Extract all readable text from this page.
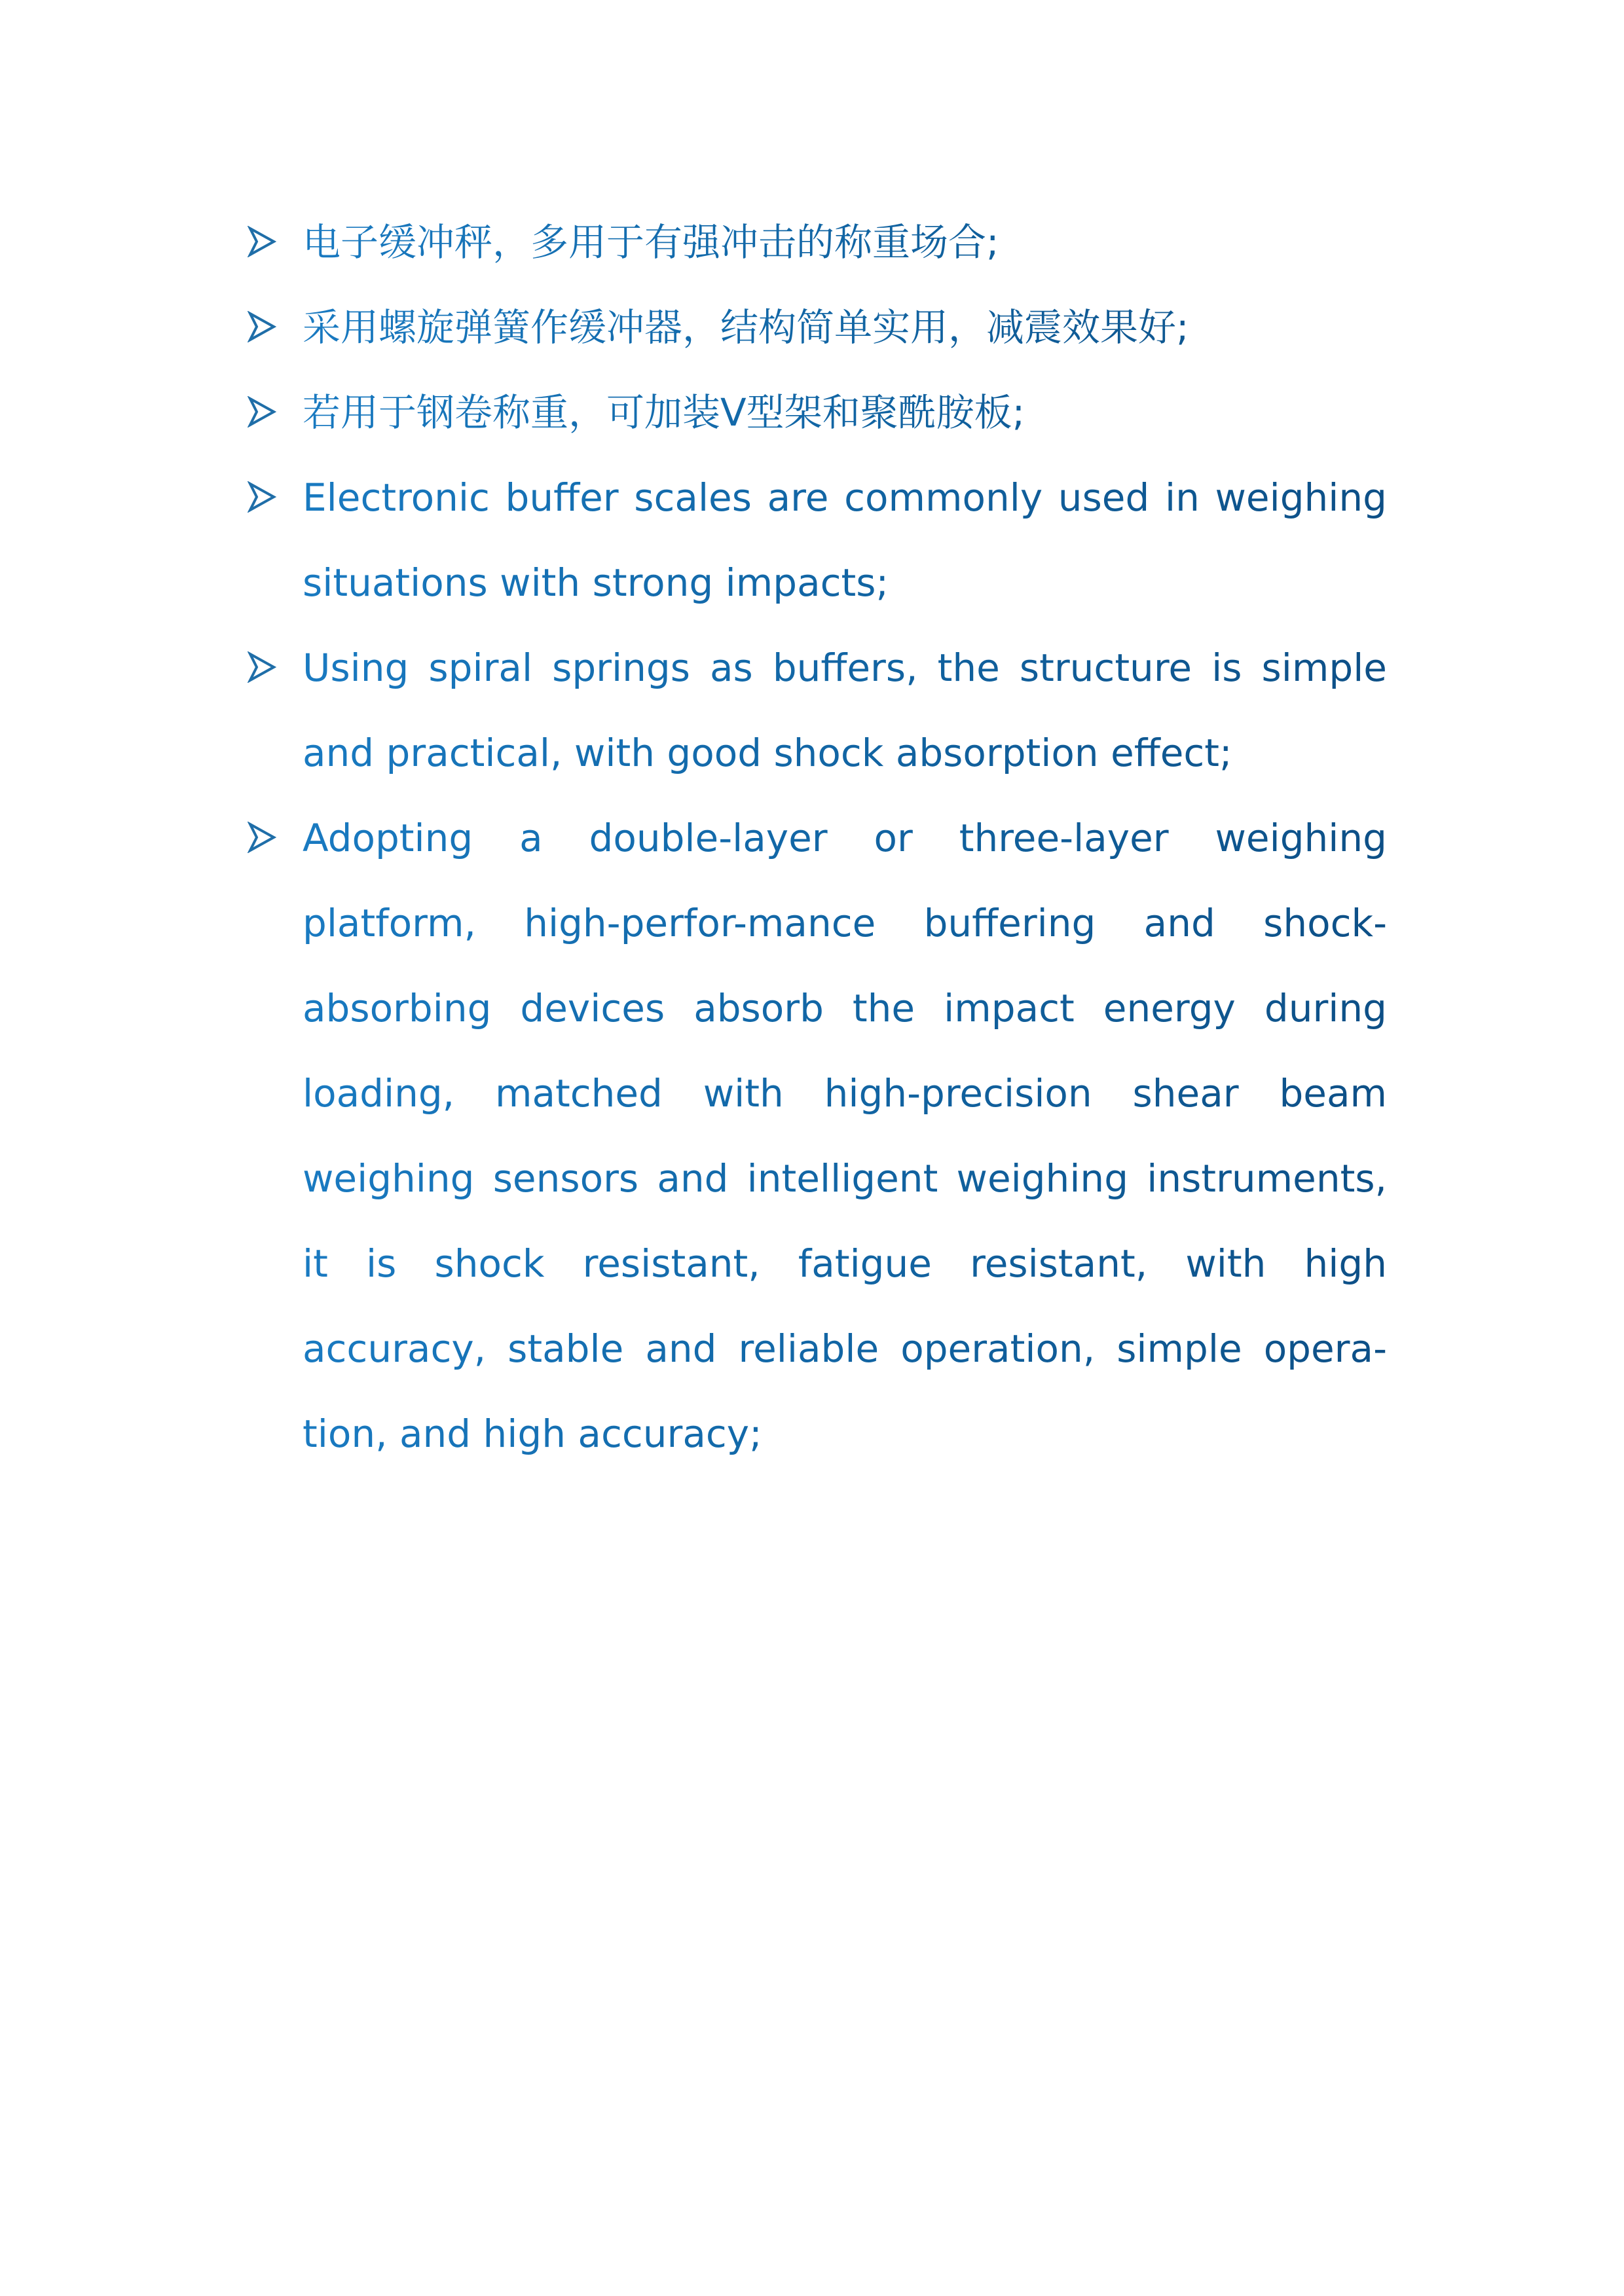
电子缓冲秤，多用于有强冲击的称重场合;
采用螺旋弹簧作缓冲器，结构简单实用，减震效果好;
若用于钢卷称重，可加装Ⅴ型架和聚酰胺板;
Electronic buffer scales are commonly used in weighing situations with strong impacts;
Using spiral springs as buffers, the structure is simple and practical, with good shock absorption effect;
Adopting a double-layer or three-layer weighing platform, high-perfor-mance buffering and shock-absorbing devices absorb the impact energy during loading, matched with high-precision shear beam weighing sensors and intelligent weighing instruments, it is shock resistant, fatigue resistant, with high accuracy, stable and reliable operation, simple opera-tion, and high accuracy;
